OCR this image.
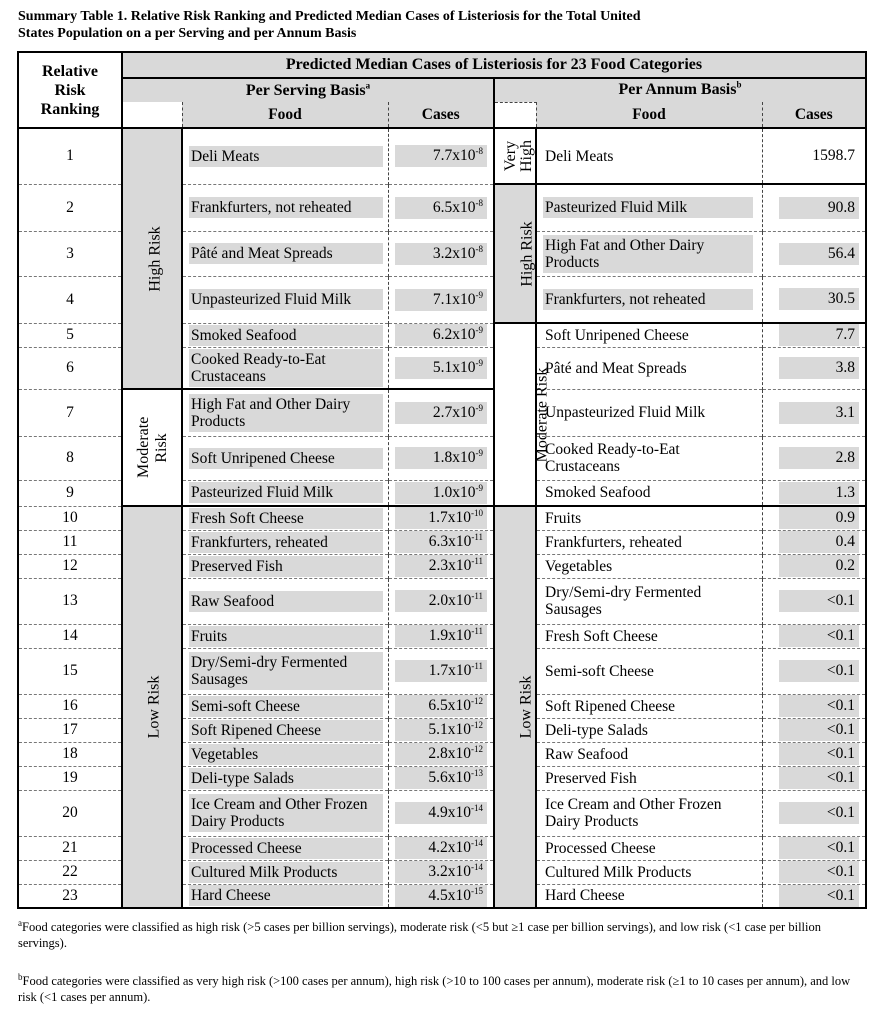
Summary Table 1. Relative Risk Ranking and Predicted Median Cases of Listeriosis for the Total United
States Population on a per Serving and per Annum Basis
Relative
Risk
Ranking	Predicted Median Cases of Listeriosis for 23 Food Categories					
	Per Serving Basis$^a$			Per Annum Basis$^b$
		Food	Cases		Food	Cases
1	High Risk	Deli Meats	$7.7x10^{-8}$	Very High	Deli Meats	1598.7
2		Frankfurters, not reheated	$6.5x10^{-8}$	High Risk	Pasteurized Fluid Milk	90.8
3		Pâté and Meat Spreads	$3.2x10^{-8}$		High Fat and Other Dairy Products	56.4
4		Unpasteurized Fluid Milk	$7.1x10^{-9}$		Frankfurters, not reheated	30.5
5		Smoked Seafood	$6.2x10^{-9}$	Moderate Risk	Soft Unripened Cheese	7.7
6		Cooked Ready-to-Eat Crustaceans	$5.1x10^{-9}$		Pâté and Meat Spreads	3.8
7	Moderate Risk	High Fat and Other Dairy Products	$2.7x10^{-9}$		Unpasteurized Fluid Milk	3.1
8		Soft Unripened Cheese	$1.8x10^{-9}$		Cooked Ready-to-Eat Crustaceans	2.8
9		Pasteurized Fluid Milk	$1.0x10^{-9}$		Smoked Seafood	1.3
10	Low Risk	Fresh Soft Cheese	$1.7x10^{-10}$	Low Risk	Fruits	0.9
11		Frankfurters, reheated	$6.3x10^{-11}$		Frankfurters, reheated	0.4
12		Preserved Fish	$2.3x10^{-11}$		Vegetables	0.2
13		Raw Seafood	$2.0x10^{-11}$		Dry/Semi-dry Fermented Sausages	<0.1
14		Fruits	$1.9x10^{-11}$		Fresh Soft Cheese	<0.1
15		Dry/Semi-dry Fermented Sausages	$1.7x10^{-11}$		Semi-soft Cheese	<0.1
16		Semi-soft Cheese	$6.5x10^{-12}$		Soft Ripened Cheese	<0.1
17		Soft Ripened Cheese	$5.1x10^{-12}$		Deli-type Salads	<0.1
18		Vegetables	$2.8x10^{-12}$		Raw Seafood	<0.1
19		Deli-type Salads	$5.6x10^{-13}$		Preserved Fish	<0.1
20		Ice Cream and Other Frozen Dairy Products	$4.9x10^{-14}$		Ice Cream and Other Frozen Dairy Products	<0.1
21		Processed Cheese	$4.2x10^{-14}$		Processed Cheese	<0.1
22		Cultured Milk Products	$3.2x10^{-14}$		Cultured Milk Products	<0.1
23		Hard Cheese	$4.5x10^{-15}$		Hard Cheese	<0.1

$^a$Food categories were classified as high risk (>5 cases per billion servings), moderate risk (<5 but ≥1 case per billion servings), and low risk (<1 case per billion servings).

$^b$Food categories were classified as very high risk (>100 cases per annum), high risk (>10 to 100 cases per annum), moderate risk (≥1 to 10 cases per annum), and low risk (<1 cases per annum).
